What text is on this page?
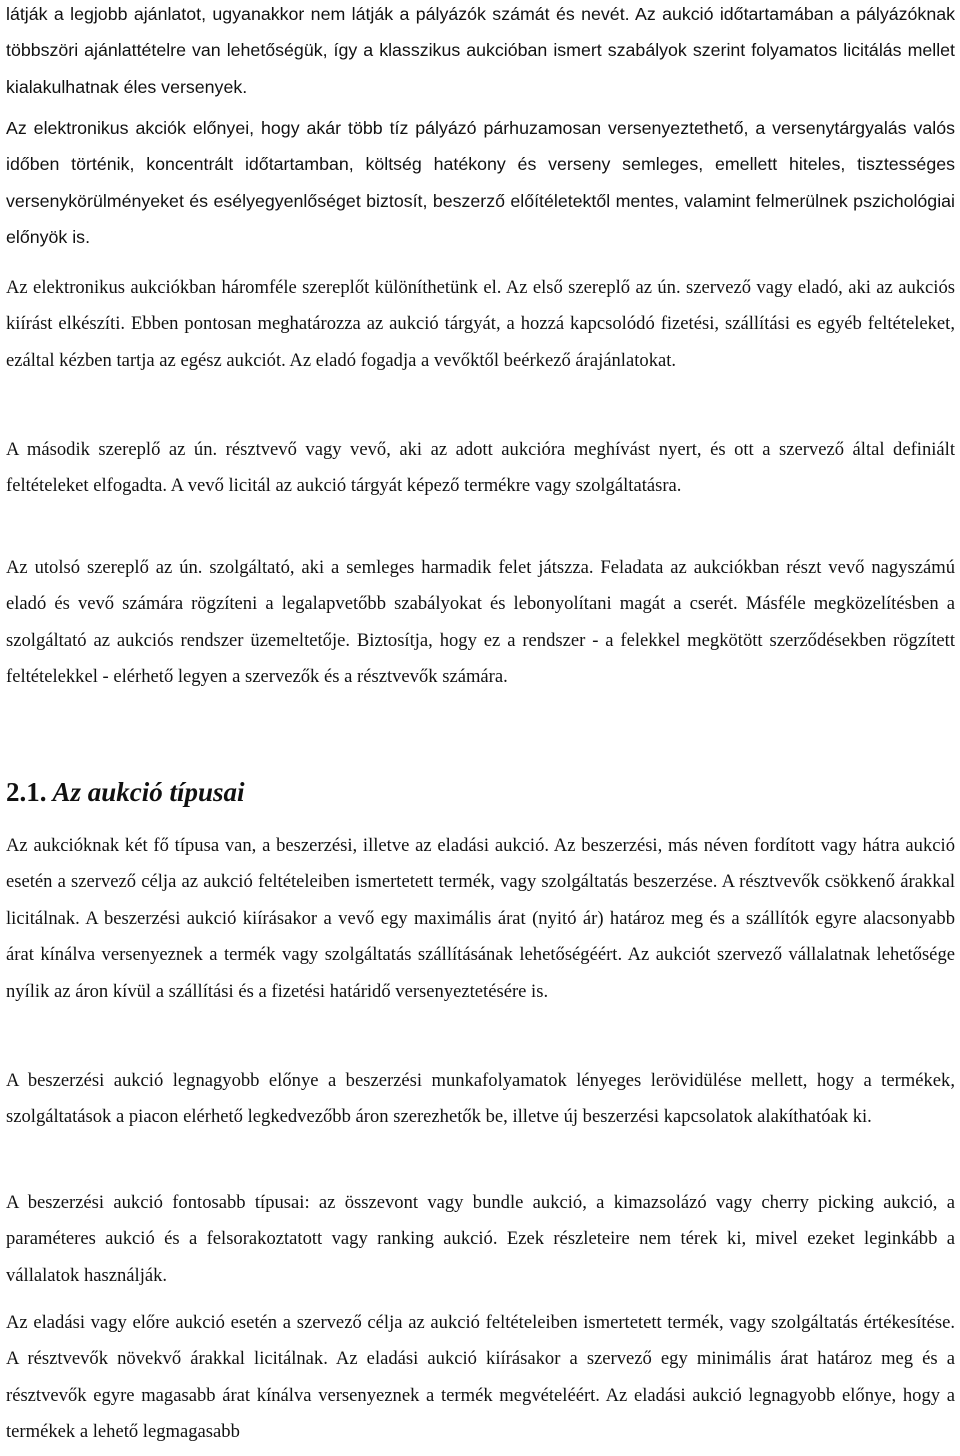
látják a legjobb ajánlatot, ugyanakkor nem látják a pályázók számát és nevét. Az aukció időtartamában a pályázóknak többszöri ajánlattételre van lehetőségük, így a klasszikus aukcióban ismert szabályok szerint folyamatos licitálás mellet kialakulhatnak éles versenyek.

Az elektronikus akciók előnyei, hogy akár több tíz pályázó párhuzamosan versenyeztethető, a versenytárgyalás valós időben történik, koncentrált időtartamban, költség hatékony és verseny semleges, emellett hiteles, tisztességes versenykörülményeket és esélyegyenlőséget biztosít, beszerző előítéletektől mentes, valamint felmerülnek pszichológiai előnyök is.

Az elektronikus aukciókban háromféle szereplőt különíthetünk el. Az első szereplő az ún. szervező vagy eladó, aki az aukciós kiírást elkészíti. Ebben pontosan meghatározza az aukció tárgyát, a hozzá kapcsolódó fizetési, szállítási es egyéb feltételeket, ezáltal kézben tartja az egész aukciót. Az eladó fogadja a vevőktől beérkező árajánlatokat.

A második szereplő az ún. résztvevő vagy vevő, aki az adott aukcióra meghívást nyert, és ott a szervező által definiált feltételeket elfogadta. A vevő licitál az aukció tárgyát képező termékre vagy szolgáltatásra.

Az utolsó szereplő az ún. szolgáltató, aki a semleges harmadik felet játszza. Feladata az aukciókban részt vevő nagyszámú eladó és vevő számára rögzíteni a legalapvetőbb szabályokat és lebonyolítani magát a cserét. Másféle megközelítésben a szolgáltató az aukciós rendszer üzemeltetője. Biztosítja, hogy ez a rendszer - a felekkel megkötött szerződésekben rögzített feltételekkel - elérhető legyen a szervezők és a résztvevők számára.

2.1. Az aukció típusai

Az aukcióknak két fő típusa van, a beszerzési, illetve az eladási aukció. Az beszerzési, más néven fordított vagy hátra aukció esetén a szervező célja az aukció feltételeiben ismertetett termék, vagy szolgáltatás beszerzése. A résztvevők csökkenő árakkal licitálnak. A beszerzési aukció kiírásakor a vevő egy maximális árat (nyitó ár) határoz meg és a szállítók egyre alacsonyabb árat kínálva versenyeznek a termék vagy szolgáltatás szállításának lehetőségéért. Az aukciót szervező vállalatnak lehetősége nyílik az áron kívül a szállítási és a fizetési határidő versenyeztetésére is.

A beszerzési aukció legnagyobb előnye a beszerzési munkafolyamatok lényeges lerövidülése mellett, hogy a termékek, szolgáltatások a piacon elérhető legkedvezőbb áron szerezhetők be, illetve új beszerzési kapcsolatok alakíthatóak ki.

A beszerzési aukció fontosabb típusai: az összevont vagy bundle aukció, a kimazsolázó vagy cherry picking aukció, a paraméteres aukció és a felsorakoztatott vagy ranking aukció. Ezek részleteire nem térek ki, mivel ezeket leginkább a vállalatok használják.

Az eladási vagy előre aukció esetén a szervező célja az aukció feltételeiben ismertetett termék, vagy szolgáltatás értékesítése. A résztvevők növekvő árakkal licitálnak. Az eladási aukció kiírásakor a szervező egy minimális árat határoz meg és a résztvevők egyre magasabb árat kínálva versenyeznek a termék megvételéért. Az eladási aukció legnagyobb előnye, hogy a termékek a lehető legmagasabb
